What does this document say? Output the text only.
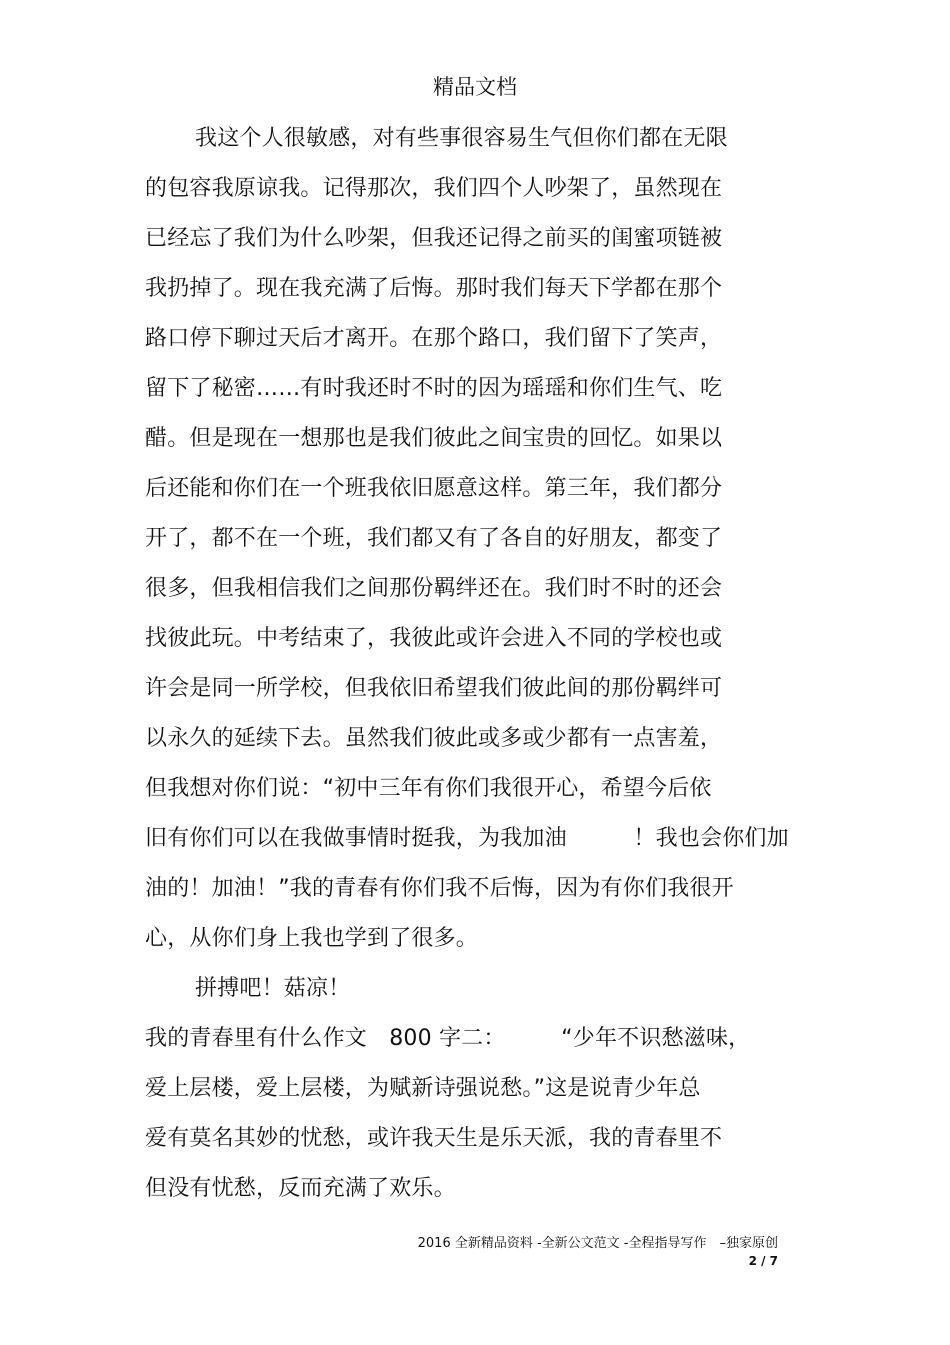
精品文档
我这个人很敏感，对有些事很容易生气但你们都在无限
的包容我原谅我。记得那次，我们四个人吵架了，虽然现在
已经忘了我们为什么吵架，但我还记得之前买的闺蜜项链被
我扔掉了。现在我充满了后悔。那时我们每天下学都在那个
路口停下聊过天后才离开。在那个路口，我们留下了笑声，
留下了秘密……有时我还时不时的因为瑶瑶和你们生气、吃
醋。但是现在一想那也是我们彼此之间宝贵的回忆。如果以
后还能和你们在一个班我依旧愿意这样。第三年，我们都分
开了，都不在一个班，我们都又有了各自的好朋友，都变了
很多，但我相信我们之间那份羁绊还在。我们时不时的还会
找彼此玩。中考结束了，我彼此或许会进入不同的学校也或
许会是同一所学校，但我依旧希望我们彼此间的那份羁绊可
以永久的延续下去。虽然我们彼此或多或少都有一点害羞，
但我想对你们说：“初中三年有你们我很开心，希望今后依
旧有你们可以在我做事情时挺我，为我加油　　　！我也会你们加
油的！加油！”我的青春有你们我不后悔，因为有你们我很开
心，从你们身上我也学到了很多。
拼搏吧！菇凉！
我的青春里有什么作文　800 字二：　　　“少年不识愁滋味，
爱上层楼，爱上层楼，为赋新诗强说愁。”这是说青少年总
爱有莫名其妙的忧愁，或许我天生是乐天派，我的青春里不
但没有忧愁，反而充满了欢乐。
2016 全新精品资料 -全新公文范文 -全程指导写作　–独家原创
2 / 7
